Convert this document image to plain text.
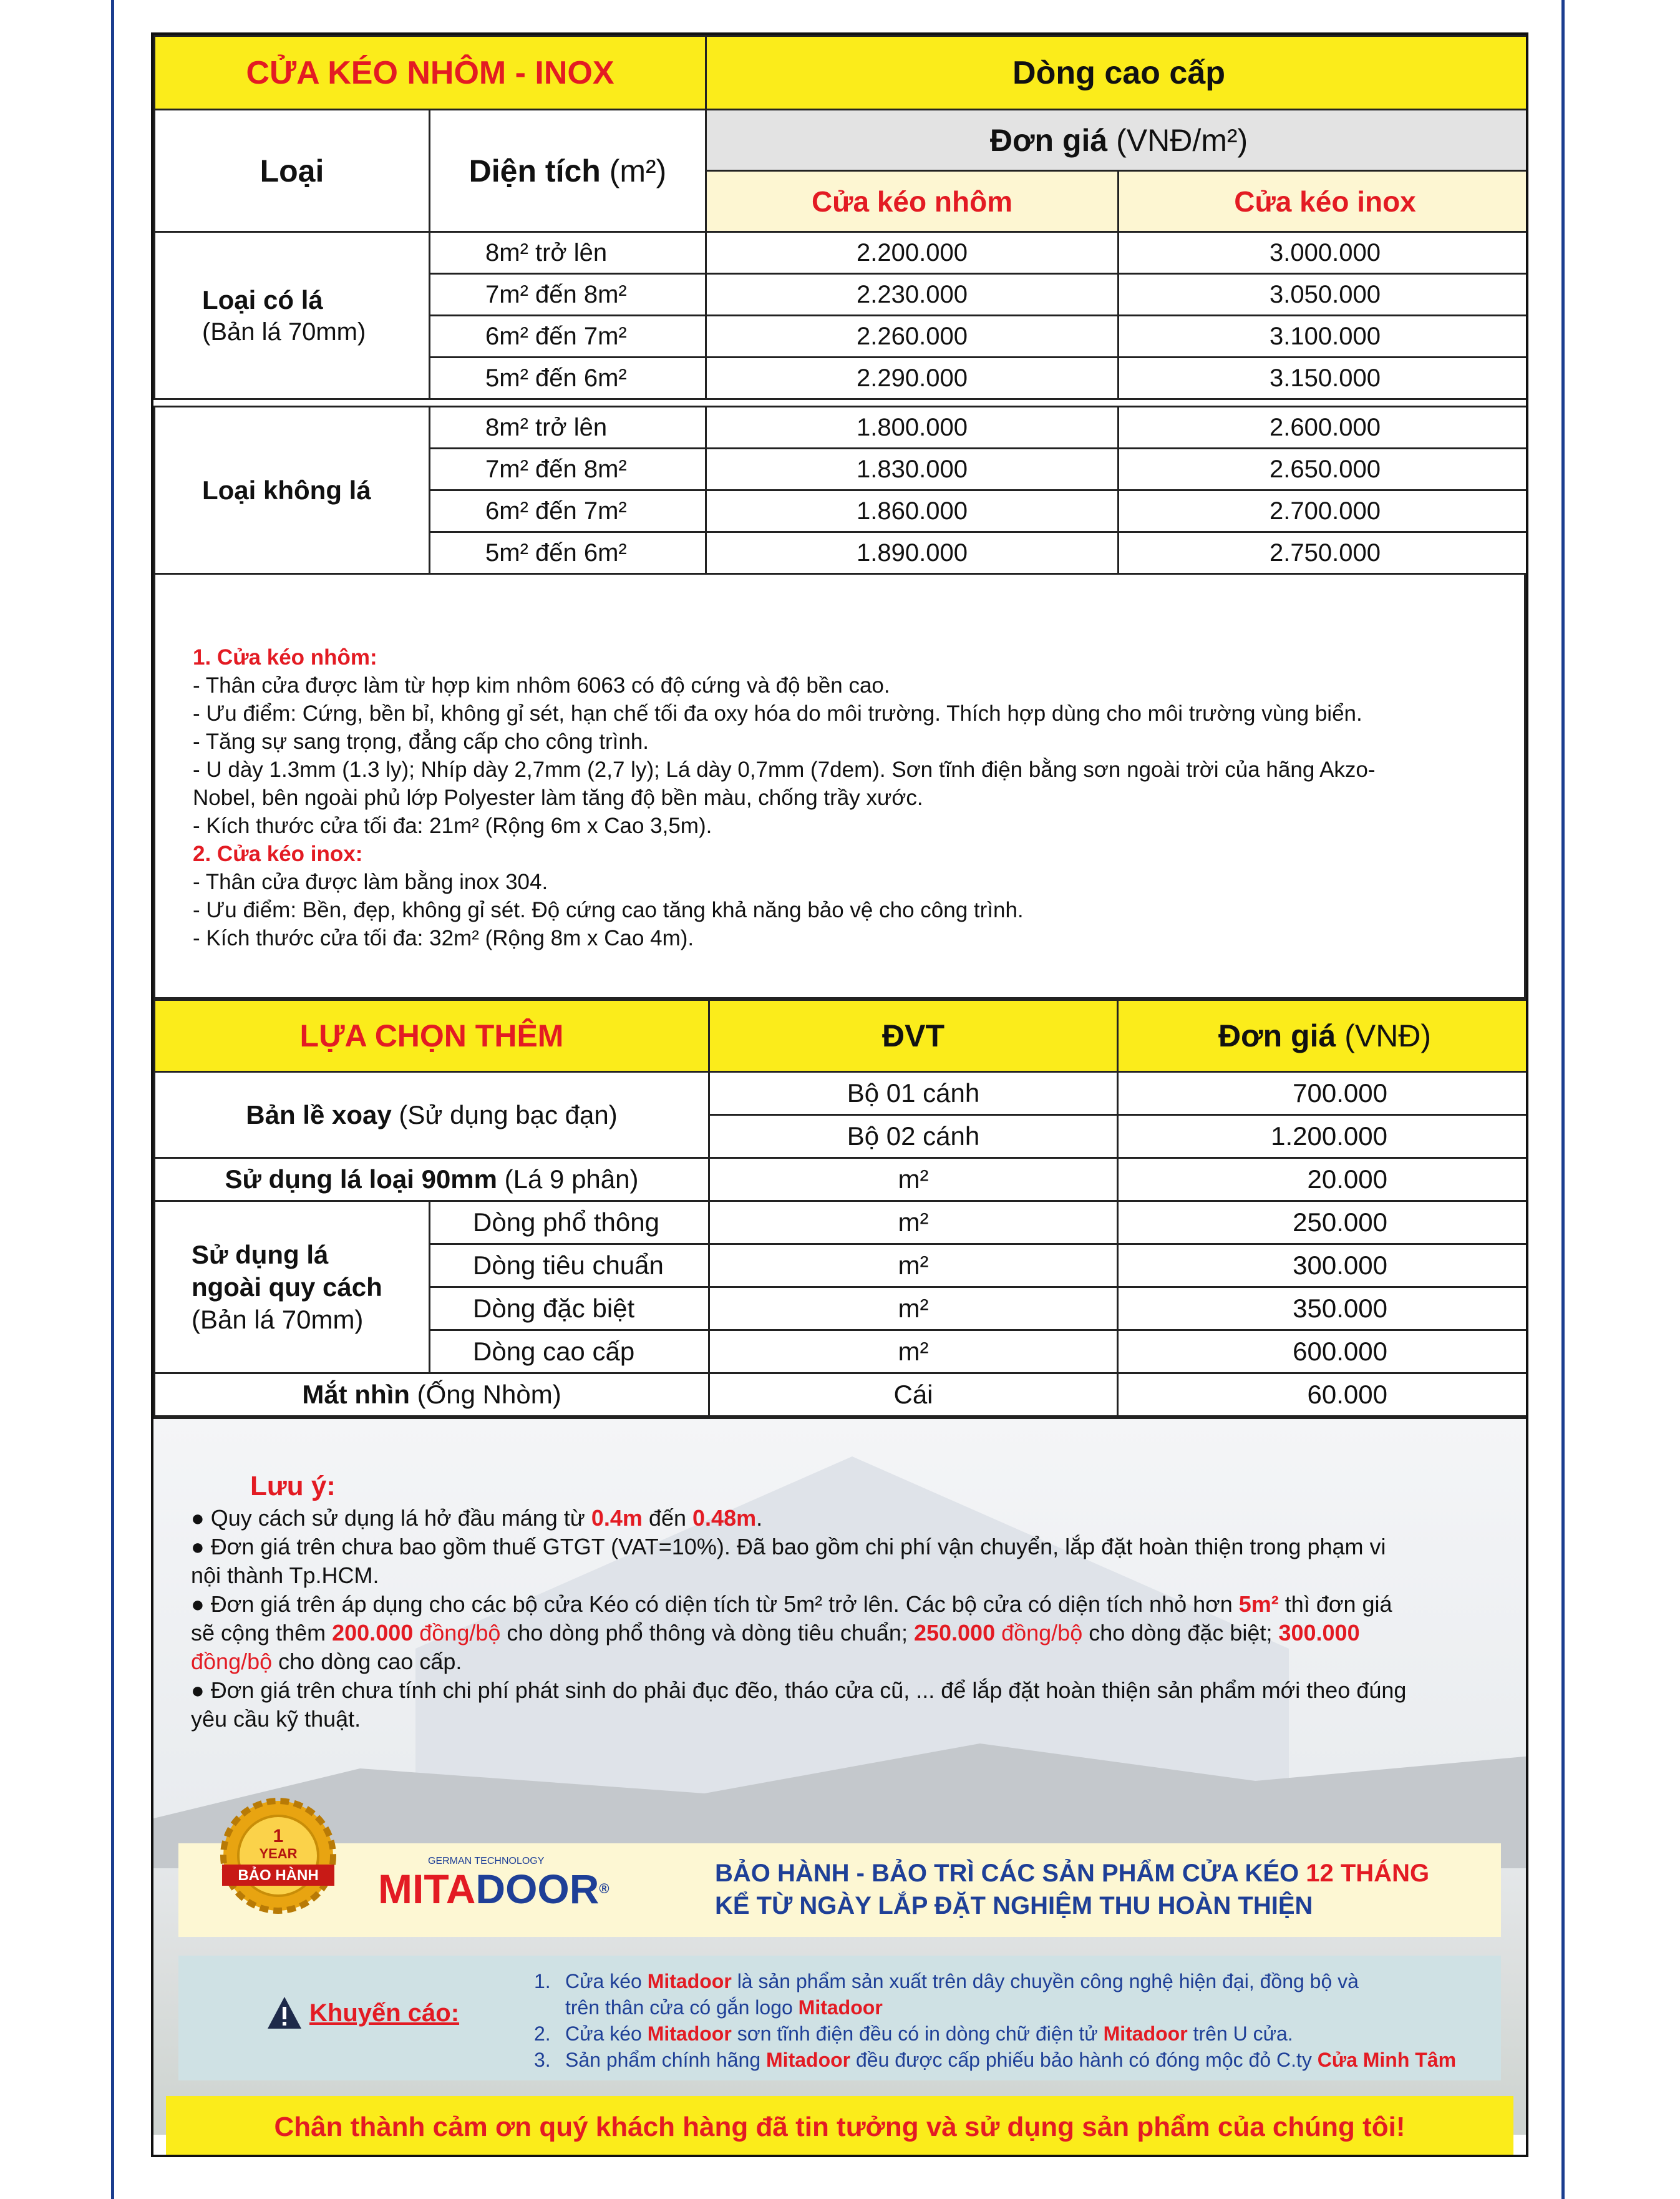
CỬA KÉO NHÔM - INOX		Dòng cao cấp	
Loại	Diện tích (m²)	Đơn giá (VNĐ/m²)	
		Cửa kéo nhôm	Cửa kéo inox

Loại có lá
(Bản lá 70mm)	8m² trở lên	2.200.000	3.000.000
	7m² đến 8m²	2.230.000	3.050.000
	6m² đến 7m²	2.260.000	3.100.000
	5m² đến 6m²	2.290.000	3.150.000

Loại không lá	8m² trở lên	1.800.000	2.600.000
	7m² đến 8m²	1.830.000	2.650.000
	6m² đến 7m²	1.860.000	2.700.000
	5m² đến 6m²	1.890.000	2.750.000

1. Cửa kéo nhôm:

- Thân cửa được làm từ hợp kim nhôm 6063 có độ cứng và độ bền cao.

- Ưu điểm: Cứng, bền bỉ, không gỉ sét, hạn chế tối đa oxy hóa do môi trường. Thích hợp dùng cho môi trường vùng biển.

- Tăng sự sang trọng, đẳng cấp cho công trình.

- U dày 1.3mm (1.3 ly); Nhíp dày 2,7mm (2,7 ly); Lá dày 0,7mm (7dem). Sơn tĩnh điện bằng sơn ngoài trời của hãng Akzo-

Nobel, bên ngoài phủ lớp Polyester làm tăng độ bền màu, chống trầy xước.

- Kích thước cửa tối đa: 21m² (Rộng 6m x Cao 3,5m).

2. Cửa kéo inox:

- Thân cửa được làm bằng inox 304.

- Ưu điểm: Bền, đẹp, không gỉ sét. Độ cứng cao tăng khả năng bảo vệ cho công trình.

- Kích thước cửa tối đa: 32m² (Rộng 8m x Cao 4m).

LỰA CHỌN THÊM		ĐVT	Đơn giá (VNĐ)
Bản lề xoay (Sử dụng bạc đạn)		Bộ 01 cánh	700.000
		Bộ 02 cánh	1.200.000
Sử dụng lá loại 90mm (Lá 9 phân)		m²	20.000

Sử dụng lá
ngoài quy cách
(Bản lá 70mm)	Dòng phổ thông	m²	250.000
	Dòng tiêu chuẩn	m²	300.000
	Dòng đặc biệt	m²	350.000
	Dòng cao cấp	m²	600.000
Mắt nhìn (Ống Nhòm)		Cái	60.000
Lưu ý:
● Quy cách sử dụng lá hở đầu máng từ 0.4m đến 0.48m.
● Đơn giá trên chưa bao gồm thuế GTGT (VAT=10%). Đã bao gồm chi phí vận chuyển, lắp đặt hoàn thiện trong phạm vi
nội thành Tp.HCM.
● Đơn giá trên áp dụng cho các bộ cửa Kéo có diện tích từ 5m² trở lên. Các bộ cửa có diện tích nhỏ hơn 5m² thì đơn giá
sẽ cộng thêm 200.000 đồng/bộ cho dòng phổ thông và dòng tiêu chuẩn; 250.000 đồng/bộ cho dòng đặc biệt; 300.000
đồng/bộ cho dòng cao cấp.
● Đơn giá trên chưa tính chi phí phát sinh do phải đục đẽo, tháo cửa cũ, ... để lắp đặt hoàn thiện sản phẩm mới theo đúng
yêu cầu kỹ thuật.
1
YEAR
BẢO HÀNH
GERMAN TECHNOLOGY
MITADOOR®
BẢO HÀNH - BẢO TRÌ CÁC SẢN PHẨM CỬA KÉO 12 THÁNG
KỂ TỪ NGÀY LẮP ĐẶT NGHIỆM THU HOÀN THIỆN
Khuyến cáo:
1. Cửa kéo Mitadoor là sản phẩm sản xuất trên dây chuyền công nghệ hiện đại, đồng bộ và
trên thân cửa có gắn logo Mitadoor
2. Cửa kéo Mitadoor sơn tĩnh điện đều có in dòng chữ điện tử Mitadoor trên U cửa.
3. Sản phẩm chính hãng Mitadoor đều được cấp phiếu bảo hành có đóng mộc đỏ C.ty Cửa Minh Tâm
Chân thành cảm ơn quý khách hàng đã tin tưởng và sử dụng sản phẩm của chúng tôi!
